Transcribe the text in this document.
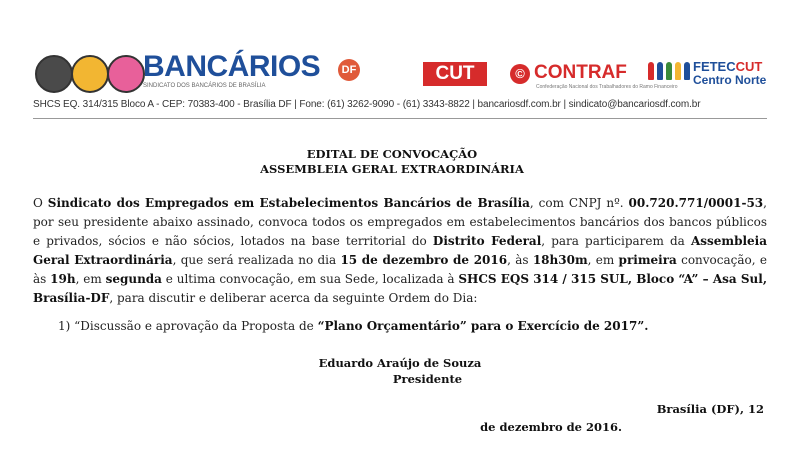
BANCÁRIOS	DF
SINDICATO DOS BANCÁRIOS DE BRASÍLIA
CUT	© CONTRAF
Confederação Nacional dos Trabalhadores do Ramo Financeiro
FETECCUT
Centro Norte
SHCS EQ. 314/315 Bloco A - CEP: 70383-400 - Brasília DF | Fone: (61) 3262-9090 - (61) 3343-8822 | bancariosdf.com.br | sindicato@bancariosdf.com.br
EDITAL DE CONVOCAÇÃO
ASSEMBLEIA GERAL EXTRAORDINÁRIA
O Sindicato dos Empregados em Estabelecimentos Bancários de Brasília, com CNPJ nº. 00.720.771/0001-53, por seu presidente abaixo assinado, convoca todos os empregados em estabelecimentos bancários dos bancos públicos e privados, sócios e não sócios, lotados na base territorial do Distrito Federal, para participarem da Assembleia Geral Extraordinária, que será realizada no dia 15 de dezembro de 2016, às 18h30m, em primeira convocação, e às 19h, em segunda e ultima convocação, em sua Sede, localizada à SHCS EQS 314 / 315 SUL, Bloco “A” – Asa Sul, Brasília-DF, para discutir e deliberar acerca da seguinte Ordem do Dia:
1) “Discussão e aprovação da Proposta de “Plano Orçamentário” para o Exercício de 2017”.
Eduardo Araújo de Souza
Presidente
Brasília (DF), 12
de dezembro de 2016.
